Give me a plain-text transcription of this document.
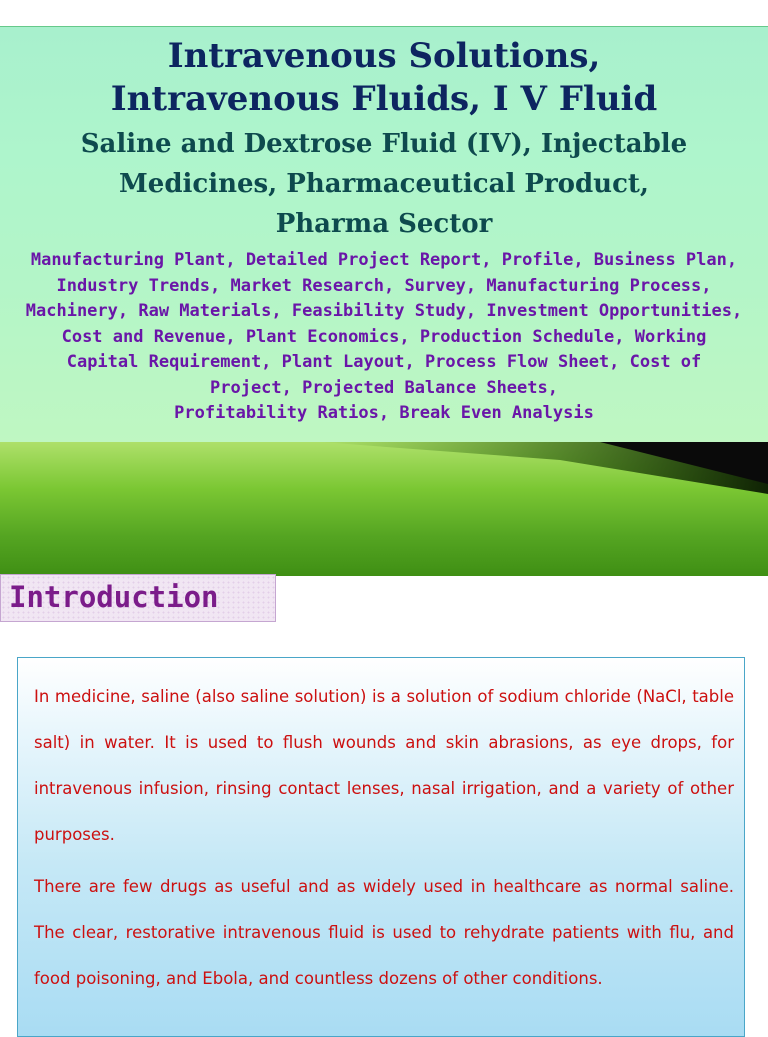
Intravenous Solutions,
Intravenous Fluids, I V Fluid
Saline and Dextrose Fluid (IV), Injectable
Medicines, Pharmaceutical Product,
Pharma Sector
Manufacturing Plant, Detailed Project Report, Profile, Business Plan,
Industry Trends, Market Research, Survey, Manufacturing Process,
Machinery, Raw Materials, Feasibility Study, Investment Opportunities,
Cost and Revenue, Plant Economics, Production Schedule, Working
Capital Requirement, Plant Layout, Process Flow Sheet, Cost of
Project, Projected Balance Sheets,
Profitability Ratios, Break Even Analysis
Introduction

In medicine, saline (also saline solution) is a solution of sodium chloride (NaCl, table salt) in water. It is used to flush wounds and skin abrasions, as eye drops, for intravenous infusion, rinsing contact lenses, nasal irrigation, and a variety of other purposes.

There are few drugs as useful and as widely used in healthcare as normal saline. The clear, restorative intravenous fluid is used to rehydrate patients with flu, and food poisoning, and Ebola, and countless dozens of other conditions.
